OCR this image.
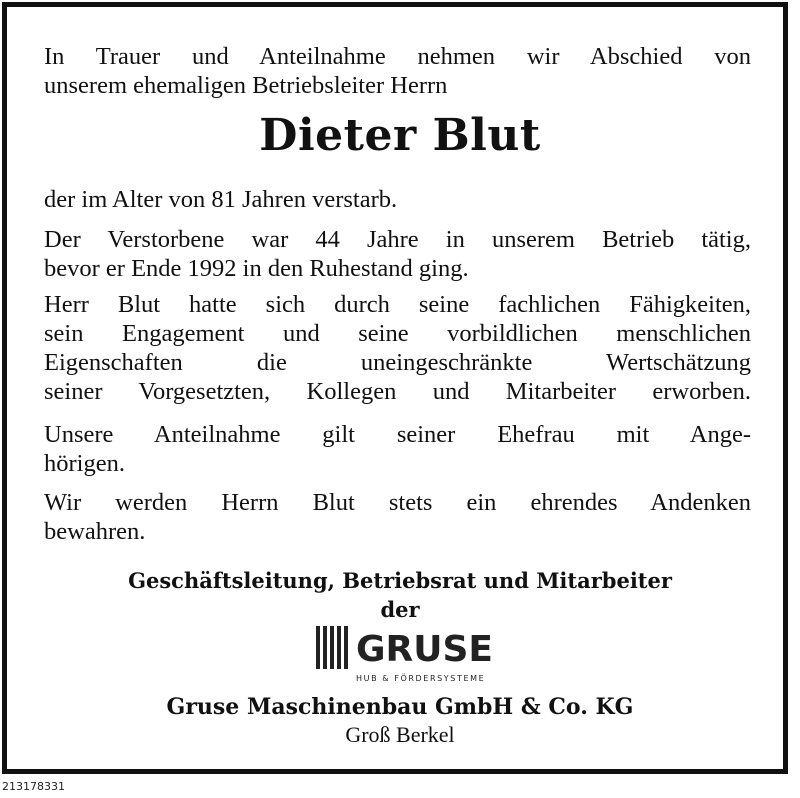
In Trauer und Anteilnahme nehmen wir Abschied von
unserem ehemaligen Betriebsleiter Herrn
Dieter Blut
der im Alter von 81 Jahren verstarb.
Der Verstorbene war 44 Jahre in unserem Betrieb tätig,
bevor er Ende 1992 in den Ruhestand ging.
Herr Blut hatte sich durch seine fachlichen Fähigkeiten,
sein Engagement und seine vorbildlichen menschlichen
Eigenschaften die uneingeschränkte Wertschätzung
seiner Vorgesetzten, Kollegen und Mitarbeiter erworben.
Unsere Anteilnahme gilt seiner Ehefrau mit Ange-
hörigen.
Wir werden Herrn Blut stets ein ehrendes Andenken
bewahren.
Geschäftsleitung, Betriebsrat und Mitarbeiter
der
GRUSE
HUB & FÖRDERSYSTEME
Gruse Maschinenbau GmbH & Co. KG
Groß Berkel
213178331
